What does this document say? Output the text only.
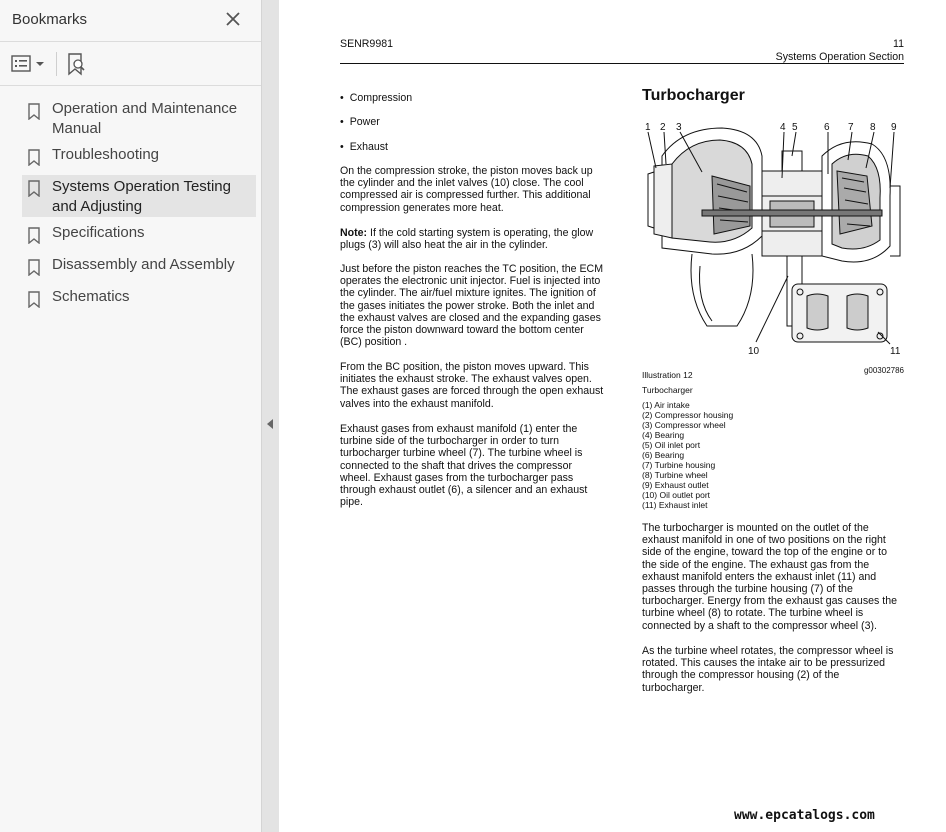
Bookmarks
Operation and Maintenance Manual
Troubleshooting
Systems Operation Testing and Adjusting
Specifications
Disassembly and Assembly
Schematics
SENR9981	11
Systems Operation Section
• Compression
• Power
• Exhaust
On the compression stroke, the piston moves back up the cylinder and the inlet valves (10) close. The cool compressed air is compressed further. This additional compression generates more heat.
Note: If the cold starting system is operating, the glow plugs (3) will also heat the air in the cylinder.
Just before the piston reaches the TC position, the ECM operates the electronic unit injector. Fuel is injected into the cylinder. The air/fuel mixture ignites. The ignition of the gases initiates the power stroke. Both the inlet and the exhaust valves are closed and the expanding gases force the piston downward toward the bottom center (BC) position .
From the BC position, the piston moves upward. This initiates the exhaust stroke. The exhaust valves open. The exhaust gases are forced through the open exhaust valves into the exhaust manifold.
Exhaust gases from exhaust manifold (1) enter the turbine side of the turbocharger in order to turn turbocharger turbine wheel (7). The turbine wheel is connected to the shaft that drives the compressor wheel. Exhaust gases from the turbocharger pass through exhaust outlet (6), a silencer and an exhaust pipe.
Turbocharger
1 2 3	4 5	6 7 8 9
10	11
g00302786
Illustration 12
Turbocharger
(1) Air intake
(2) Compressor housing
(3) Compressor wheel
(4) Bearing
(5) Oil inlet port
(6) Bearing
(7) Turbine housing
(8) Turbine wheel
(9) Exhaust outlet
(10) Oil outlet port
(11) Exhaust inlet
The turbocharger is mounted on the outlet of the exhaust manifold in one of two positions on the right side of the engine, toward the top of the engine or to the side of the engine. The exhaust gas from the exhaust manifold enters the exhaust inlet (11) and passes through the turbine housing (7) of the turbocharger. Energy from the exhaust gas causes the turbine wheel (8) to rotate. The turbine wheel is connected by a shaft to the compressor wheel (3).
As the turbine wheel rotates, the compressor wheel is rotated. This causes the intake air to be pressurized through the compressor housing (2) of the turbocharger.
www.epcatalogs.com
